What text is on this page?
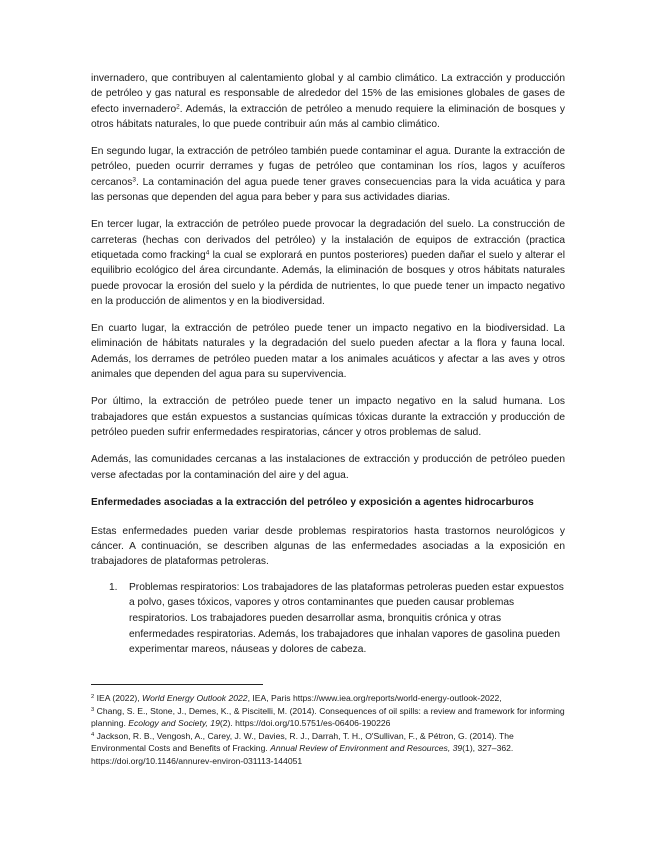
invernadero, que contribuyen al calentamiento global y al cambio climático. La extracción y producción de petróleo y gas natural es responsable de alrededor del 15% de las emisiones globales de gases de efecto invernadero$^2$. Además, la extracción de petróleo a menudo requiere la eliminación de bosques y otros hábitats naturales, lo que puede contribuir aún más al cambio climático.

En segundo lugar, la extracción de petróleo también puede contaminar el agua. Durante la extracción de petróleo, pueden ocurrir derrames y fugas de petróleo que contaminan los ríos, lagos y acuíferos cercanos$^3$. La contaminación del agua puede tener graves consecuencias para la vida acuática y para las personas que dependen del agua para beber y para sus actividades diarias.

En tercer lugar, la extracción de petróleo puede provocar la degradación del suelo. La construcción de carreteras (hechas con derivados del petróleo) y la instalación de equipos de extracción (practica etiquetada como fracking$^4$ la cual se explorará en puntos posteriores) pueden dañar el suelo y alterar el equilibrio ecológico del área circundante. Además, la eliminación de bosques y otros hábitats naturales puede provocar la erosión del suelo y la pérdida de nutrientes, lo que puede tener un impacto negativo en la producción de alimentos y en la biodiversidad.

En cuarto lugar, la extracción de petróleo puede tener un impacto negativo en la biodiversidad. La eliminación de hábitats naturales y la degradación del suelo pueden afectar a la flora y fauna local. Además, los derrames de petróleo pueden matar a los animales acuáticos y afectar a las aves y otros animales que dependen del agua para su supervivencia.

Por último, la extracción de petróleo puede tener un impacto negativo en la salud humana. Los trabajadores que están expuestos a sustancias químicas tóxicas durante la extracción y producción de petróleo pueden sufrir enfermedades respiratorias, cáncer y otros problemas de salud.

Además, las comunidades cercanas a las instalaciones de extracción y producción de petróleo pueden verse afectadas por la contaminación del aire y del agua.

Enfermedades asociadas a la extracción del petróleo y exposición a agentes hidrocarburos

Estas enfermedades pueden variar desde problemas respiratorios hasta trastornos neurológicos y cáncer. A continuación, se describen algunas de las enfermedades asociadas a la exposición en trabajadores de plataformas petroleras.

1. Problemas respiratorios: Los trabajadores de las plataformas petroleras pueden estar expuestos a polvo, gases tóxicos, vapores y otros contaminantes que pueden causar problemas respiratorios. Los trabajadores pueden desarrollar asma, bronquitis crónica y otras enfermedades respiratorias. Además, los trabajadores que inhalan vapores de gasolina pueden experimentar mareos, náuseas y dolores de cabeza.

$^2$ IEA (2022), World Energy Outlook 2022, IEA, Paris https://www.iea.org/reports/world-energy-outlook-2022,

$^3$ Chang, S. E., Stone, J., Demes, K., & Piscitelli, M. (2014). Consequences of oil spills: a review and framework for informing planning. Ecology and Society, 19(2). https://doi.org/10.5751/es-06406-190226

$^4$ Jackson, R. B., Vengosh, A., Carey, J. W., Davies, R. J., Darrah, T. H., O'Sullivan, F., & Pétron, G. (2014). The Environmental Costs and Benefits of Fracking. Annual Review of Environment and Resources, 39(1), 327–362. https://doi.org/10.1146/annurev-environ-031113-144051
